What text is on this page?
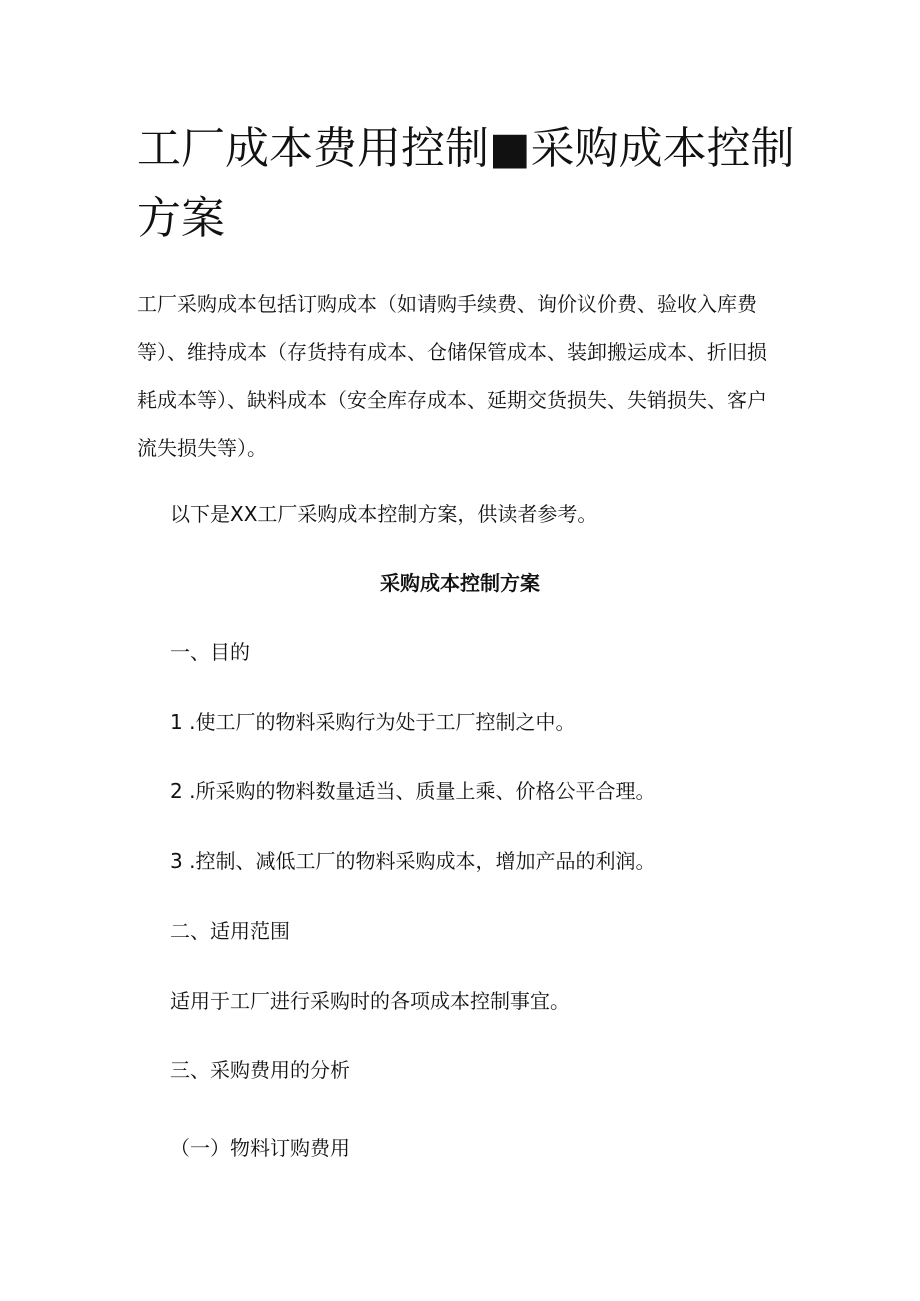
工厂成本费用控制■采购成本控制
方案
工厂采购成本包括订购成本（如请购手续费、询价议价费、验收入库费
等）、维持成本（存货持有成本、仓储保管成本、装卸搬运成本、折旧损
耗成本等）、缺料成本（安全库存成本、延期交货损失、失销损失、客户
流失损失等）。
以下是XX工厂采购成本控制方案，供读者参考。
采购成本控制方案
一、目的
1 .使工厂的物料采购行为处于工厂控制之中。
2 .所采购的物料数量适当、质量上乘、价格公平合理。
3 .控制、减低工厂的物料采购成本，增加产品的利润。
二、适用范围
适用于工厂进行采购时的各项成本控制事宜。
三、采购费用的分析
（一）物料订购费用
